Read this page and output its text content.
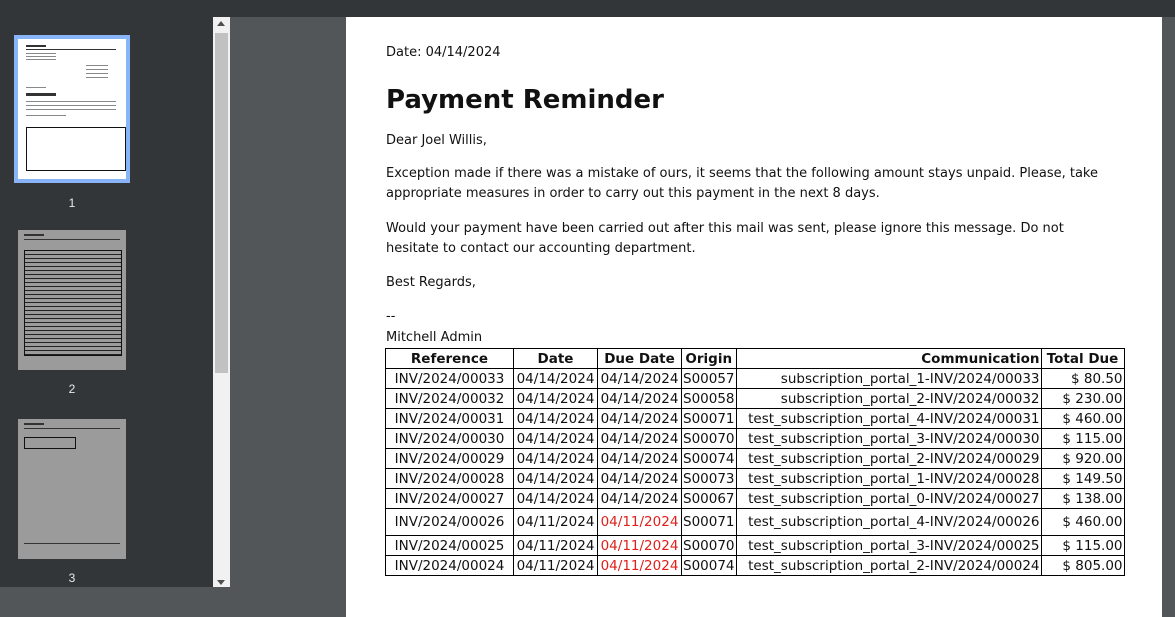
1
2
3
Date: 04/14/2024
Payment Reminder
Dear Joel Willis,
Exception made if there was a mistake of ours, it seems that the following amount stays unpaid. Please, take appropriate measures in order to carry out this payment in the next 8 days.
Would your payment have been carried out after this mail was sent, please ignore this message. Do not hesitate to contact our accounting department.
Best Regards,
--
Mitchell Admin
Reference	Date	Due Date	Origin	Communication	Total Due
INV/2024/00033	04/14/2024	04/14/2024	S00057	subscription_portal_1-INV/2024/00033	$ 80.50
INV/2024/00032	04/14/2024	04/14/2024	S00058	subscription_portal_2-INV/2024/00032	$ 230.00
INV/2024/00031	04/14/2024	04/14/2024	S00071	test_subscription_portal_4-INV/2024/00031	$ 460.00
INV/2024/00030	04/14/2024	04/14/2024	S00070	test_subscription_portal_3-INV/2024/00030	$ 115.00
INV/2024/00029	04/14/2024	04/14/2024	S00074	test_subscription_portal_2-INV/2024/00029	$ 920.00
INV/2024/00028	04/14/2024	04/14/2024	S00073	test_subscription_portal_1-INV/2024/00028	$ 149.50
INV/2024/00027	04/14/2024	04/14/2024	S00067	test_subscription_portal_0-INV/2024/00027	$ 138.00
INV/2024/00026	04/11/2024	04/11/2024	S00071	test_subscription_portal_4-INV/2024/00026	$ 460.00
INV/2024/00025	04/11/2024	04/11/2024	S00070	test_subscription_portal_3-INV/2024/00025	$ 115.00
INV/2024/00024	04/11/2024	04/11/2024	S00074	test_subscription_portal_2-INV/2024/00024	$ 805.00
